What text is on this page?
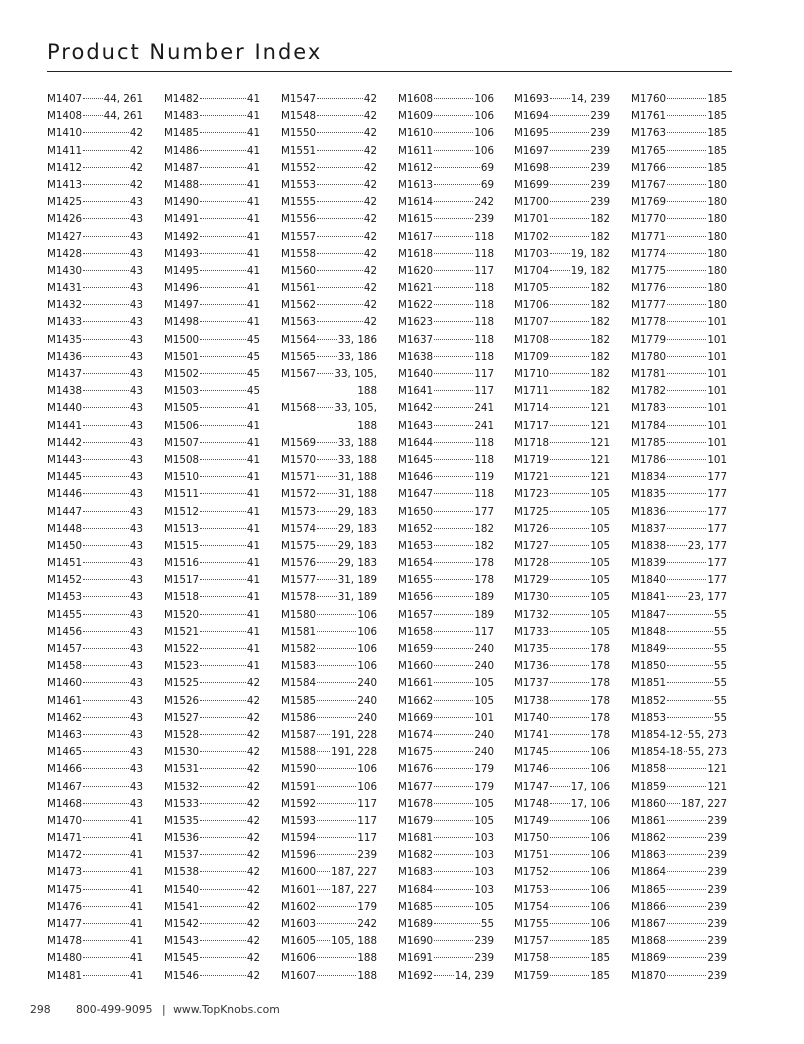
Product Number Index
M1407 44, 261
M1408 44, 261
M1410	42
M1411	42
M1412	42
M1413	42
M1425	43
M1426	43
M1427	43
M1428	43
M1430	43
M1431	43
M1432	43
M1433	43
M1435	43
M1436	43
M1437	43
M1438	43
M1440	43
M1441	43
M1442	43
M1443	43
M1445	43
M1446	43
M1447	43
M1448	43
M1450	43
M1451	43
M1452	43
M1453	43
M1455	43
M1456	43
M1457	43
M1458	43
M1460	43
M1461	43
M1462	43
M1463	43
M1465	43
M1466	43
M1467	43
M1468	43
M1470	41
M1471	41
M1472	41
M1473	41
M1475	41
M1476	41
M1477	41
M1478	41
M1480	41
M1481	41
M1482	41
M1483	41
M1485	41
M1486	41
M1487	41
M1488	41
M1490	41
M1491	41
M1492	41
M1493	41
M1495	41
M1496	41
M1497	41
M1498	41
M1500	45
M1501	45
M1502	45
M1503	45
M1505	41
M1506	41
M1507	41
M1508	41
M1510	41
M1511	41
M1512	41
M1513	41
M1515	41
M1516	41
M1517	41
M1518	41
M1520	41
M1521	41
M1522	41
M1523	41
M1525	42
M1526	42
M1527	42
M1528	42
M1530	42
M1531	42
M1532	42
M1533	42
M1535	42
M1536	42
M1537	42
M1538	42
M1540	42
M1541	42
M1542	42
M1543	42
M1545	42
M1546	42
M1547	42
M1548	42
M1550	42
M1551	42
M1552	42
M1553	42
M1555	42
M1556	42
M1557	42
M1558	42
M1560	42
M1561	42
M1562	42
M1563	42
M1564 33, 186
M1565 33, 186
M1567 33, 105,
188
M1568 33, 105,
188
M1569 33, 188
M1570 33, 188
M1571 31, 188
M1572 31, 188
M1573 29, 183
M1574 29, 183
M1575 29, 183
M1576 29, 183
M1577 31, 189
M1578 31, 189
M1580	106
M1581	106
M1582	106
M1583	106
M1584	240
M1585	240
M1586	240
M1587 191, 228
M1588 191, 228
M1590	106
M1591	106
M1592	117
M1593	117
M1594	117
M1596	239
M1600 187, 227
M1601 187, 227
M1602	179
M1603	242
M1605 105, 188
M1606	188
M1607	188
M1608	106
M1609	106
M1610	106
M1611	106
M1612	69
M1613	69
M1614	242
M1615	239
M1617	118
M1618	118
M1620	117
M1621	118
M1622	118
M1623	118
M1637	118
M1638	118
M1640	117
M1641	117
M1642	241
M1643	241
M1644	118
M1645	118
M1646	119
M1647	118
M1650	177
M1652	182
M1653	182
M1654	178
M1655	178
M1656	189
M1657	189
M1658	117
M1659	240
M1660	240
M1661	105
M1662	105
M1669	101
M1674	240
M1675	240
M1676	179
M1677	179
M1678	105
M1679	105
M1681	103
M1682	103
M1683	103
M1684	103
M1685	105
M1689	55
M1690	239
M1691	239
M1692 14, 239
M1693 14, 239
M1694	239
M1695	239
M1697	239
M1698	239
M1699	239
M1700	239
M1701	182
M1702	182
M1703 19, 182
M1704 19, 182
M1705	182
M1706	182
M1707	182
M1708	182
M1709	182
M1710	182
M1711	182
M1714	121
M1717	121
M1718	121
M1719	121
M1721	121
M1723	105
M1725	105
M1726	105
M1727	105
M1728	105
M1729	105
M1730	105
M1732	105
M1733	105
M1735	178
M1736	178
M1737	178
M1738	178
M1740	178
M1741	178
M1745	106
M1746	106
M1747 17, 106
M1748 17, 106
M1749	106
M1750	106
M1751	106
M1752	106
M1753	106
M1754	106
M1755	106
M1757	185
M1758	185
M1759	185
M1760	185
M1761	185
M1763	185
M1765	185
M1766	185
M1767	180
M1769	180
M1770	180
M1771	180
M1774	180
M1775	180
M1776	180
M1777	180
M1778	101
M1779	101
M1780	101
M1781	101
M1782	101
M1783	101
M1784	101
M1785	101
M1786	101
M1834	177
M1835	177
M1836	177
M1837	177
M1838 23, 177
M1839	177
M1840	177
M1841 23, 177
M1847	55
M1848	55
M1849	55
M1850	55
M1851	55
M1852	55
M1853	55
M1854-12 55, 273
M1854-18 55, 273
M1858	121
M1859	121
M1860 187, 227
M1861	239
M1862	239
M1863	239
M1864	239
M1865	239
M1866	239
M1867	239
M1868	239
M1869	239
M1870	239
298 800-499-9095 | www.TopKnobs.com
